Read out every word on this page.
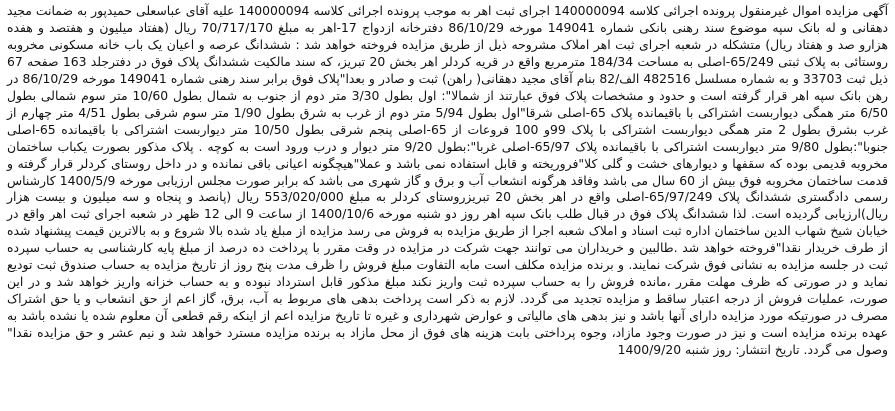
آگهی مزایده اموال غیرمنقول پرونده اجرائی کلاسه 140000094 اجرای ثبت اهر به موجب پرونده اجرائی کلاسه 140000094 علیه آقای عباسعلی حمیدپور به ضمانت مجید دهقانی و له بانک سپه موضوع سند رهنی بانکی شماره 149041 مورخه 86/10/29 دفترخانه ازدواج 17-اهر به مبلغ 70/717/170 ریال (هفتاد میلیون و هفتصد و هفده هزارو صد و هفتاد ریال) متشکله در شعبه اجرای ثبت اهر املاک مشروحه ذیل از طریق مزایده فروخته خواهد شد : ششدانگ عرصه و اعیان یک باب خانه مسکونی مخروبه روستائی به پلاک ثبتی 65/249-اصلی به مساحت 184/34 مترمربع واقع در قریه کردلر اهر بخش 20 تبریز، که سند مالکیت ششدانگ پلاک فوق در دفترجلد 163 صفحه 67 ذیل ثبت 33703 و به شماره مسلسل 482516 الف/82 بنام آقای مجید دهقانی( راهن) ثبت و صادر و بعدا"پلاک فوق برابر سند رهنی شماره 149041 مورخه 86/10/29 در رهن بانک سپه اهر قرار گرفته است و حدود و مشخصات پلاک فوق عبارتند از شمالا": اول بطول 3/30 متر دوم از جنوب به شمال بطول 10/60 متر سوم شمالی بطول 6/50 متر همگی دیواربست اشتراکی با باقیمانده پلاک 65-اصلی شرقا"اول بطول 5/94 متر دوم از غرب به شرق بطول 1/90 متر سوم شرقی بطول 4/51 متر چهارم از غرب بشرق بطول 2 متر همگی دیواربست اشتراکی با پلاک 99و 100 فروعات از 65-اصلی پنجم شرقی بطول 10/50 متر دیواربست اشتراکی با باقیمانده 65-اصلی جنوبا":بطول 9/80 متر دیواربست اشتراکی با باقیمانده پلاک 65/97-اصلی غربا":بطول 9/20 متر دیوار و درب ورود است به کوچه . پلاک مذکور بصورت یکباب ساختمان مخروبه قدیمی بوده که سقفها و دیوارهای خشت و گلی کلا"فروریخته و قابل استفاده نمی باشد و عملا"هیچگونه اعیانی باقی نمانده و در داخل روستای کردلر قرار گرفته و قدمت ساختمان مخروبه فوق بیش از 60 سال می باشد وفاقد هرگونه انشعاب آب و برق و گاز شهری می باشد که برابر صورت مجلس ارزیابی مورخه 1400/5/9 کارشناس رسمی دادگستری ششدانگ پلاک 65/97/249-اصلی واقع در اهر بخش 20 تبریزروستای کردلر به مبلغ 553/020/000 ریال (پانصد و پنجاه و سه میلیون و بیست هزار ریال)ارزیابی گردیده است. لذا ششدانگ پلاک فوق در قبال طلب بانک سپه اهر روز دو شنبه مورخه 1400/10/6 از ساعت 9 الی 12 ظهر در شعبه اجرای ثبت اهر واقع در خیابان شیخ شهاب الدین ساختمان اداره ثبت اسناد و املاک شعبه اجرا از طریق مزایده به فروش می رسد مزایده از مبلغ یاد شده بالا شروع و به بالاترین قیمت پیشنهاد شده از طرف خریدار نقدا"فروخته خواهد شد .طالبین و خریداران می توانند جهت شرکت در مزایده در وقت مقرر با پرداخت ده درصد از مبلغ پایه کارشناسی به حساب سپرده ثبت در جلسه مزایده به نشانی فوق شرکت نمایند. و برنده مزایده مکلف است مابه التفاوت مبلغ فروش را ظرف مدت پنج روز از تاریخ مزایده به حساب صندوق ثبت تودیع نماید و در صورتی که ظرف مهلت مقرر ،مانده فروش را به حساب سپرده ثبت واریز نکند مبلغ مذکور قابل استرداد نبوده و به حساب خزانه واریز خواهد شد و در این صورت، عملیات فروش از درجه اعتبار ساقط و مزایده تجدید می گردد. لازم به ذکر است پرداخت بدهی های مربوط به آب، برق، گاز اعم از حق انشعاب و یا حق اشتراک مصرف در صورتیکه مورد مزایده دارای آنها باشد و نیز بدهی های مالیاتی و عوارض شهرداری و غیره تا تاریخ مزایده اعم از اینکه رقم قطعی آن معلوم شده یا نشده باشد به عهده برنده مزایده است و نیز در صورت وجود مازاد، وجوه پرداختی بابت هزینه های فوق از محل مازاد به برنده مزایده مسترد خواهد شد و نیم عشر و حق مزایده نقدا" وصول می گردد. تاریخ انتشار: روز شنبه 1400/9/20
